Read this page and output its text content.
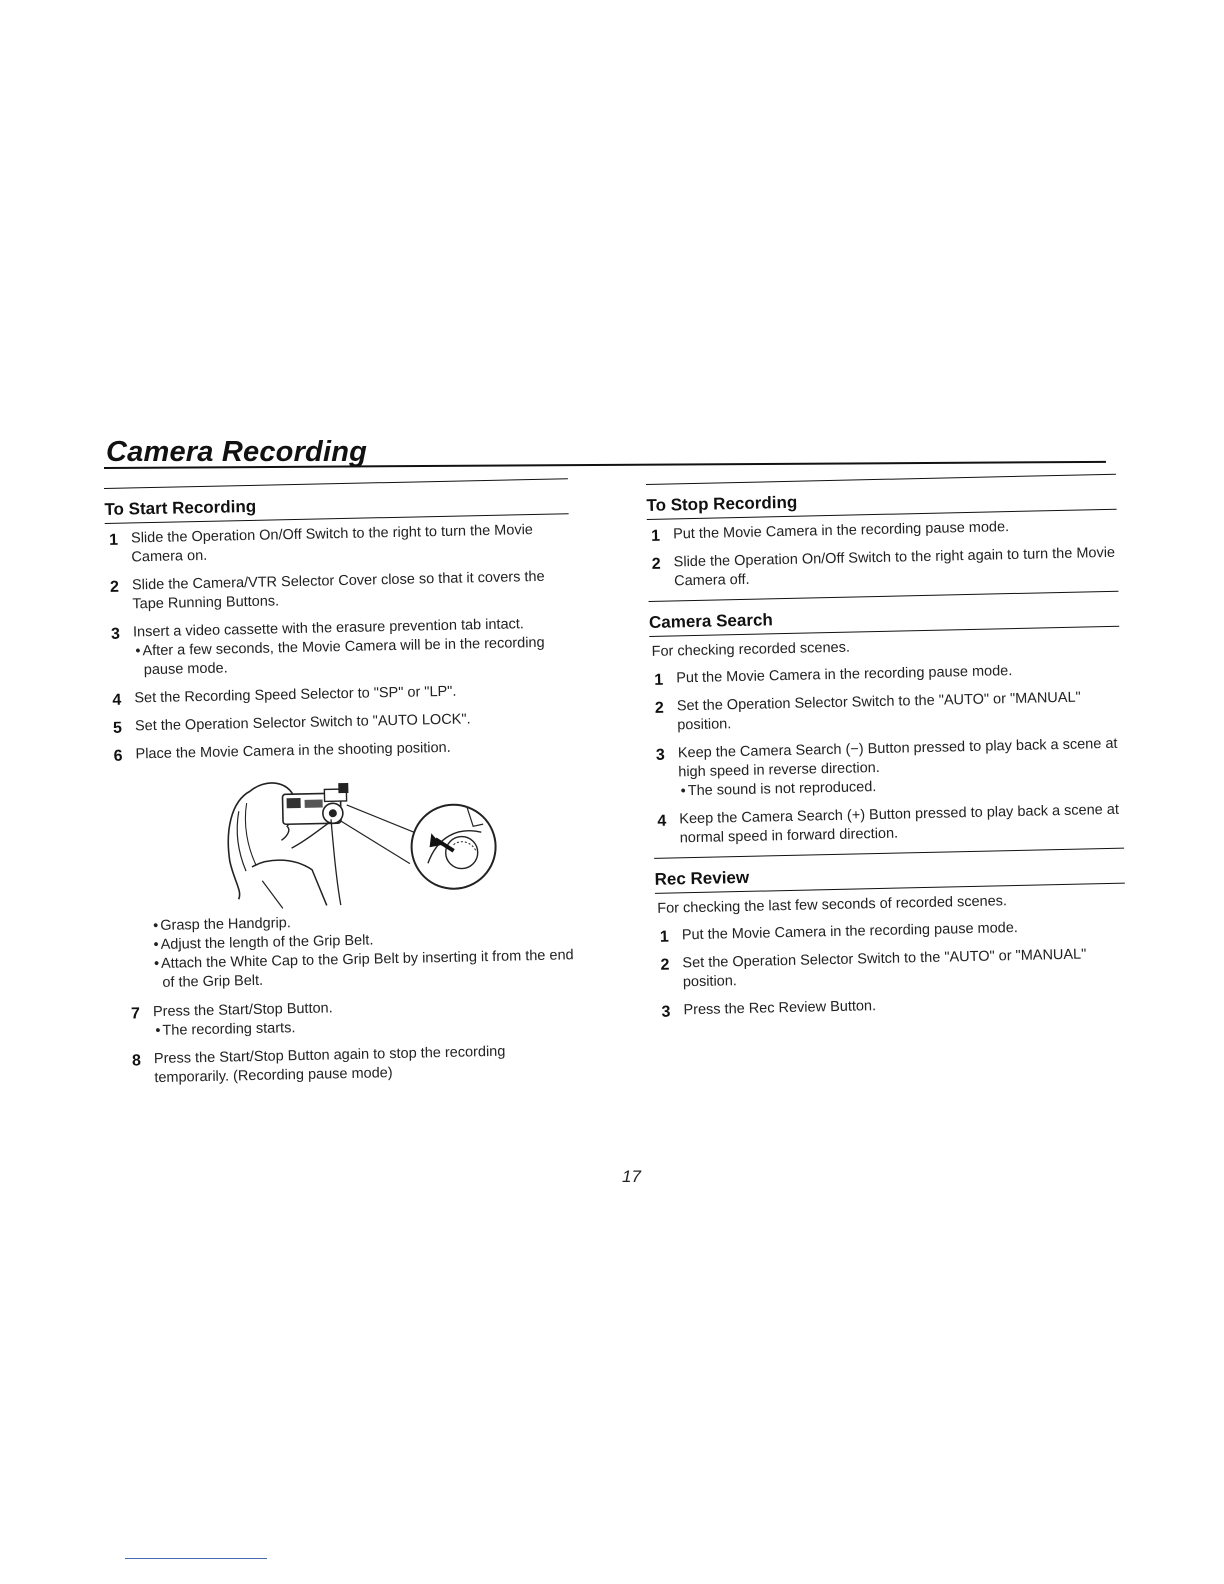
Camera Recording
To Start Recording
1 Slide the Operation On/Off Switch to the right to turn the Movie Camera on.
2 Slide the Camera/VTR Selector Cover close so that it covers the Tape Running Buttons.
3 Insert a video cassette with the erasure prevention tab intact.
• After a few seconds, the Movie Camera will be in the recording pause mode.
4 Set the Recording Speed Selector to "SP" or "LP".
5 Set the Operation Selector Switch to "AUTO LOCK".
6 Place the Movie Camera in the shooting position.
• Grasp the Handgrip.
• Adjust the length of the Grip Belt.
• Attach the White Cap to the Grip Belt by inserting it from the end of the Grip Belt.
7 Press the Start/Stop Button.
• The recording starts.
8 Press the Start/Stop Button again to stop the recording temporarily. (Recording pause mode)
To Stop Recording
1 Put the Movie Camera in the recording pause mode.
2 Slide the Operation On/Off Switch to the right again to turn the Movie Camera off.
Camera Search

For checking recorded scenes.

1 Put the Movie Camera in the recording pause mode.
2 Set the Operation Selector Switch to the "AUTO" or "MANUAL" position.
3 Keep the Camera Search (−) Button pressed to play back a scene at high speed in reverse direction.
• The sound is not reproduced.
4 Keep the Camera Search (+) Button pressed to play back a scene at normal speed in forward direction.
Rec Review

For checking the last few seconds of recorded scenes.

1 Put the Movie Camera in the recording pause mode.
2 Set the Operation Selector Switch to the "AUTO" or "MANUAL" position.
3 Press the Rec Review Button.
17
